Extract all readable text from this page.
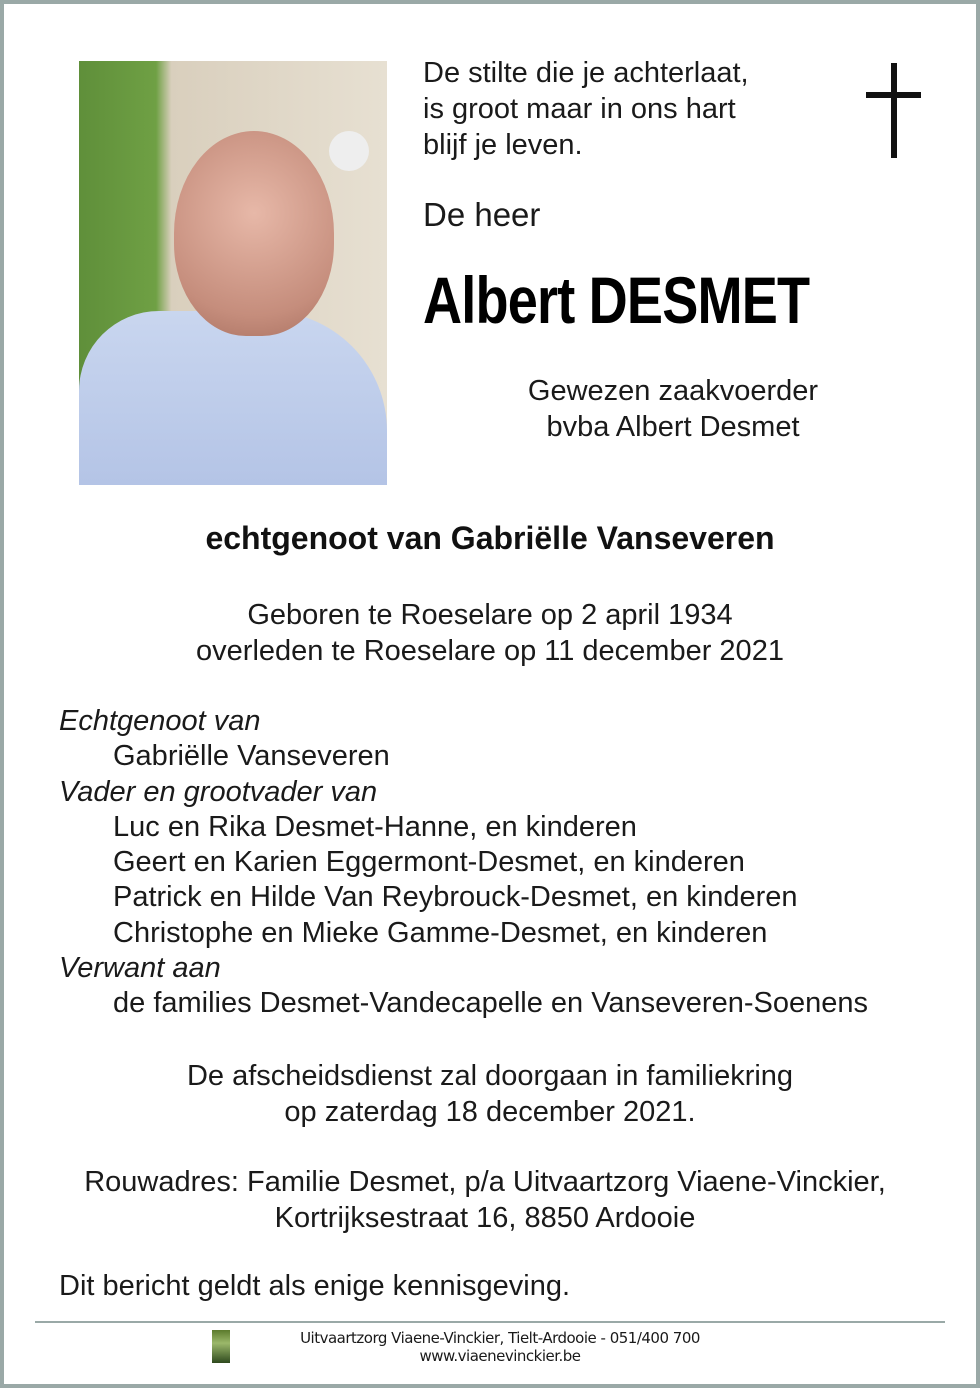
De stilte die je achterlaat,
is groot maar in ons hart
blijf je leven.
De heer
Albert DESMET
Gewezen zaakvoerder
bvba Albert Desmet
echtgenoot van Gabriëlle Vanseveren
Geboren te Roeselare op 2 april 1934
overleden te Roeselare op 11 december 2021
Echtgenoot van
Gabriëlle Vanseveren
Vader en grootvader van
Luc en Rika Desmet-Hanne, en kinderen
Geert en Karien Eggermont-Desmet, en kinderen
Patrick en Hilde Van Reybrouck-Desmet, en kinderen
Christophe en Mieke Gamme-Desmet, en kinderen
Verwant aan
de families Desmet-Vandecapelle en Vanseveren-Soenens
De afscheidsdienst zal doorgaan in familiekring
op zaterdag 18 december 2021.
Rouwadres: Familie Desmet, p/a Uitvaartzorg Viaene-Vinckier,
Kortrijksestraat 16, 8850 Ardooie
Dit bericht geldt als enige kennisgeving.
Uitvaartzorg Viaene-Vinckier, Tielt-Ardooie - 051/400 700
www.viaenevinckier.be
